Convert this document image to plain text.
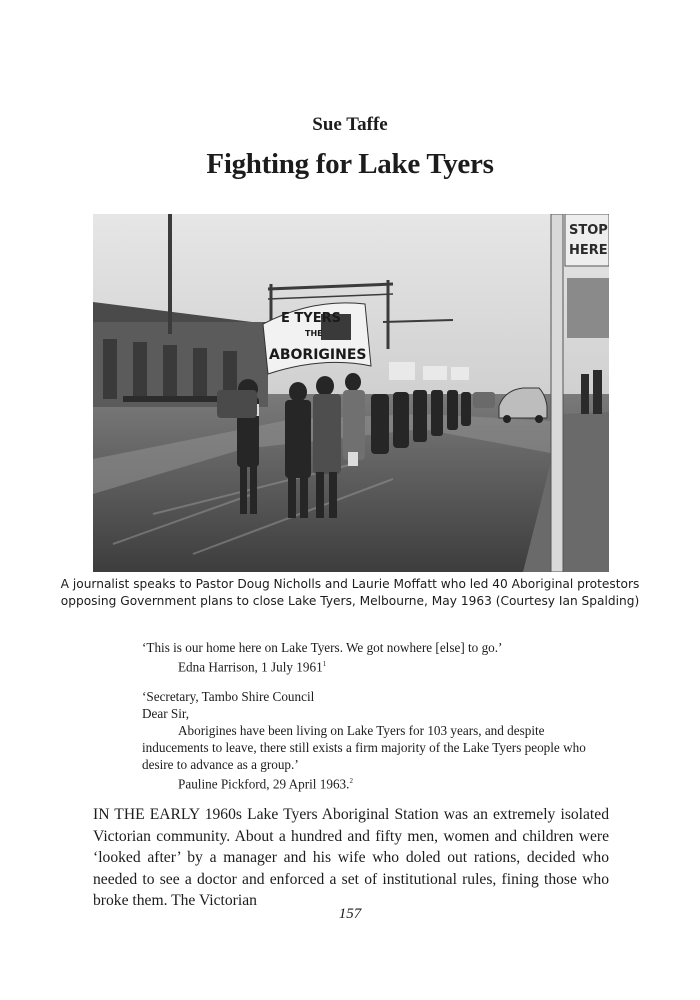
Sue Taffe
Fighting for Lake Tyers
E TYERS
THE
ABORIGINES
STOP
HERE
A journalist speaks to Pastor Doug Nicholls and Laurie Moffatt who led 40 Aboriginal protestors
opposing Government plans to close Lake Tyers, Melbourne, May 1963 (Courtesy Ian Spalding)
‘This is our home here on Lake Tyers. We got nowhere [else] to go.’
Edna Harrison, 1 July 1961$^1$
‘Secretary, Tambo Shire Council
Dear Sir,
Aborigines have been living on Lake Tyers for 103 years, and despite
inducements to leave, there still exists a firm majority of the Lake Tyers people who
desire to advance as a group.’
Pauline Pickford, 29 April 1963.$^2$
IN THE EARLY 1960s Lake Tyers Aboriginal Station was an extremely isolated Victorian community. About a hundred and fifty men, women and children were ‘looked after’ by a manager and his wife who doled out rations, decided who needed to see a doctor and enforced a set of institutional rules, fining those who broke them. The Victorian
157
